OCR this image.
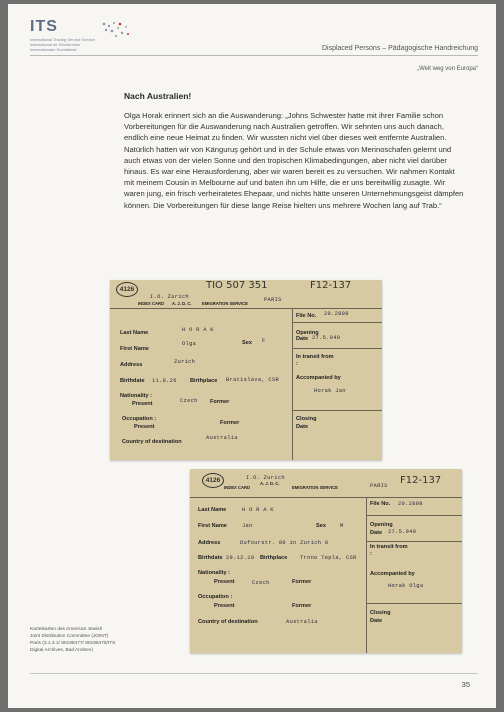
ITS
International Tracing Service Service International de Recherches Internationaler Suchdienst	Displaced Persons – Pädagogische Handreichung
„Weit weg von Europa“
Nach Australien!
Olga Horak erinnert sich an die Auswanderung: „Johns Schwester hatte mit ihrer Familie schon Vorbereitungen für die Auswanderung nach Australien getroffen. Wir sehnten uns auch danach, endlich eine neue Heimat zu finden. Wir wussten nicht viel über dieses weit entfernte Australien. Natürlich hatten wir von Känguruş gehört und in der Schule etwas von Merinoschafen gelernt und auch etwas von der vielen Sonne und den tropischen Klimabedingungen, aber nicht viel darüber hinaus. Es war eine Herausforderung, aber wir waren bereit es zu versuchen. Wir nahmen Kontakt mit meinem Cousin in Melbourne auf und baten ihn um Hilfe, die er uns bereitwillig zusagte. Wir waren jung, ein frisch verheiratetes Ehepaar, und nichts hätte unseren Unternehmungsgeist dämpfen können. Die Vorbereitungen für diese lange Reise hielten uns mehrere Wochen lang auf Trab.“
4126	TIO 507 351	F12-137
I.O. Zurich
INDEX CARD A. J. D. C. EMIGRATION SERVICE
PARIS
Last Name	H O R A K
First Name
Olga	Sex F
Address	Zurich
Birthdate 11.8.26 Birthplace Bratislava, CSR
Nationality :
Present	Czech Former
Occupation :
Present
Former
Country of destination
Australia
File No. 20.2808
Opening Date 27.5.949
In transit from :
Accompanied by
Horak Jan
Closing Date
4126	F12-137
I.O. Zurich
INDEX CARD
A. J. D. C.
EMIGRATION SERVICE	PARIS
Last Name	H O R A K
First Name	Jan	Sex	M
Address	Dufourstr. 80 in Zurich 8
Birthdate 29.12.19 Birthplace Trnno Tepla, CSR
Nationality :
Present	Czech	Former
Occupation :
Present	Former
Country of destination	Australia
File No. 20.2808
Opening Date	27.5.949
In transit from :
Accompanied by
Horak Olga
Closing Date
Karteikarten des American Jewish
Joint Distribution Committee (JOINT)
Paris (3.1.3.1/ 80198477/ 80198475/ITS
Digital Archives, Bad Arolsen)
35
